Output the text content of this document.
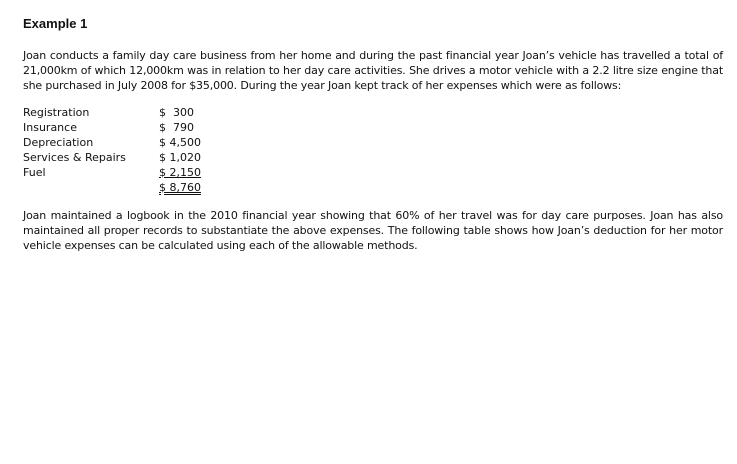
Example 1

Joan conducts a family day care business from her home and during the past financial year Joan’s vehicle has travelled a total of 21,000km of which 12,000km was in relation to her day care activities. She drives a motor vehicle with a 2.2 litre size engine that she purchased in July 2008 for $35,000. During the year Joan kept track of her expenses which were as follows:

Registration
Insurance
Depreciation
Services & Repairs
Fuel
$  300
$  790
$ 4,500
$ 1,020
$ 2,150
$ 8,760

Joan maintained a logbook in the 2010 financial year showing that 60% of her travel was for day care purposes. Joan has also maintained all proper records to substantiate the above expenses. The following table shows how Joan’s deduction for her motor vehicle expenses can be calculated using each of the allowable methods.
